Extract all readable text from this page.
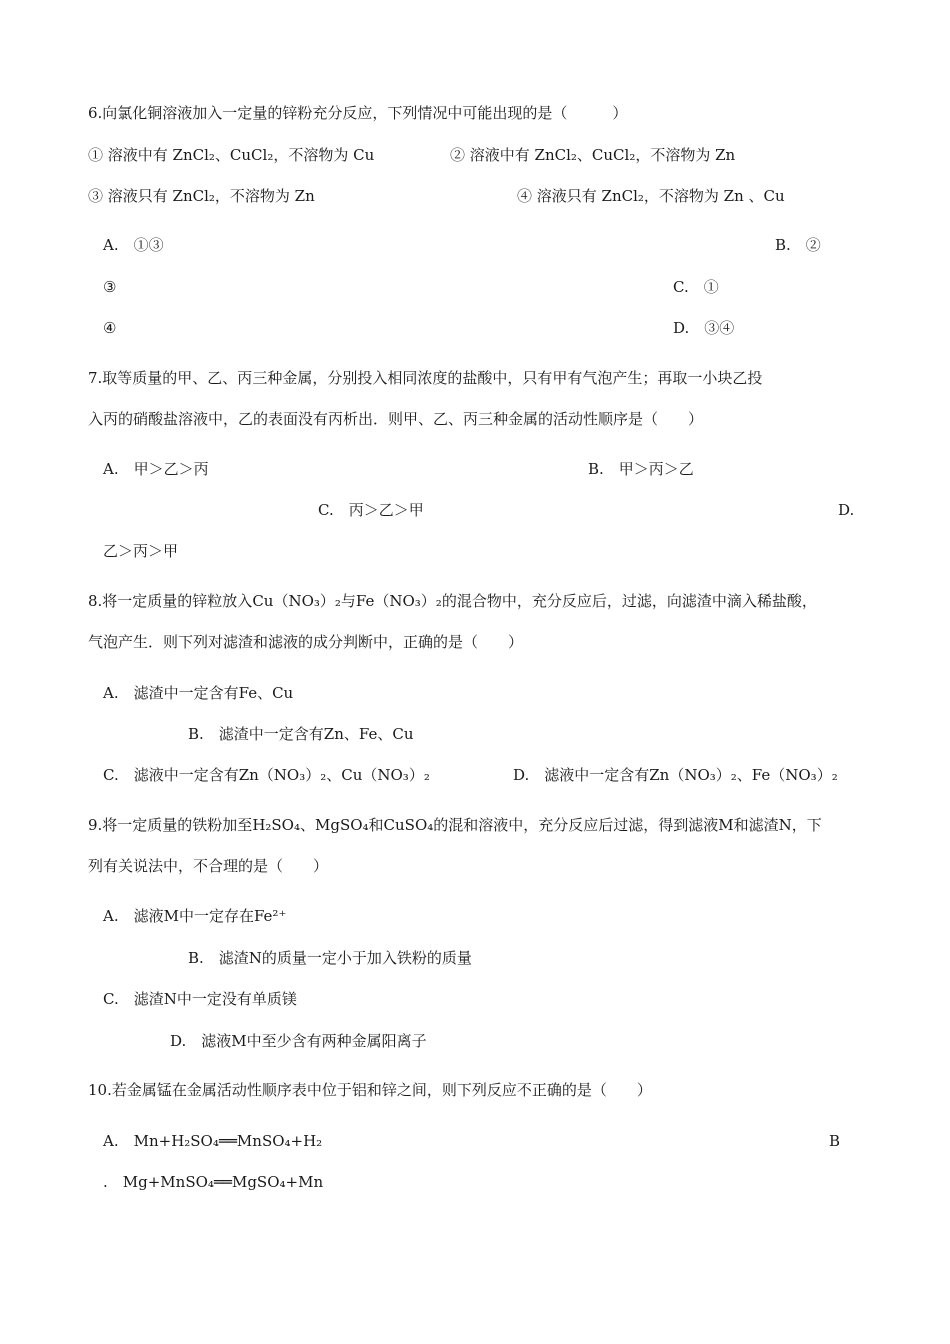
6.向氯化铜溶液加入一定量的锌粉充分反应，下列情况中可能出现的是（　　　）
① 溶液中有 ZnCl₂、CuCl₂，不溶物为 Cu	② 溶液中有 ZnCl₂、CuCl₂，不溶物为 Zn
③ 溶液只有 ZnCl₂，不溶物为 Zn	④ 溶液只有 ZnCl₂，不溶物为 Zn 、Cu
A.　①③	B.　②
③	C.　①
④	D.　③④
7.取等质量的甲、乙、丙三种金属，分别投入相同浓度的盐酸中，只有甲有气泡产生；再取一小块乙投
入丙的硝酸盐溶液中，乙的表面没有丙析出．则甲、乙、丙三种金属的活动性顺序是（　　）
A.　甲＞乙＞丙	B.　甲＞丙＞乙
C.　丙＞乙＞甲	D.
乙＞丙＞甲
8.将一定质量的锌粒放入Cu（NO₃）₂与Fe（NO₃）₂的混合物中，充分反应后，过滤，向滤渣中滴入稀盐酸，
气泡产生．则下列对滤渣和滤液的成分判断中，正确的是（　　）
A.　滤渣中一定含有Fe、Cu
B.　滤渣中一定含有Zn、Fe、Cu
C.　滤液中一定含有Zn（NO₃）₂、Cu（NO₃）₂	D.　滤液中一定含有Zn（NO₃）₂、Fe（NO₃）₂
9.将一定质量的铁粉加至H₂SO₄、MgSO₄和CuSO₄的混和溶液中，充分反应后过滤，得到滤液M和滤渣N，下
列有关说法中，不合理的是（　　）
A.　滤液M中一定存在Fe²⁺
B.　滤渣N的质量一定小于加入铁粉的质量
C.　滤渣N中一定没有单质镁
D.　滤液M中至少含有两种金属阳离子
10.若金属锰在金属活动性顺序表中位于铝和锌之间，则下列反应不正确的是（　　）
A.　Mn+H₂SO₄══MnSO₄+H₂	B
.　Mg+MnSO₄══MgSO₄+Mn
